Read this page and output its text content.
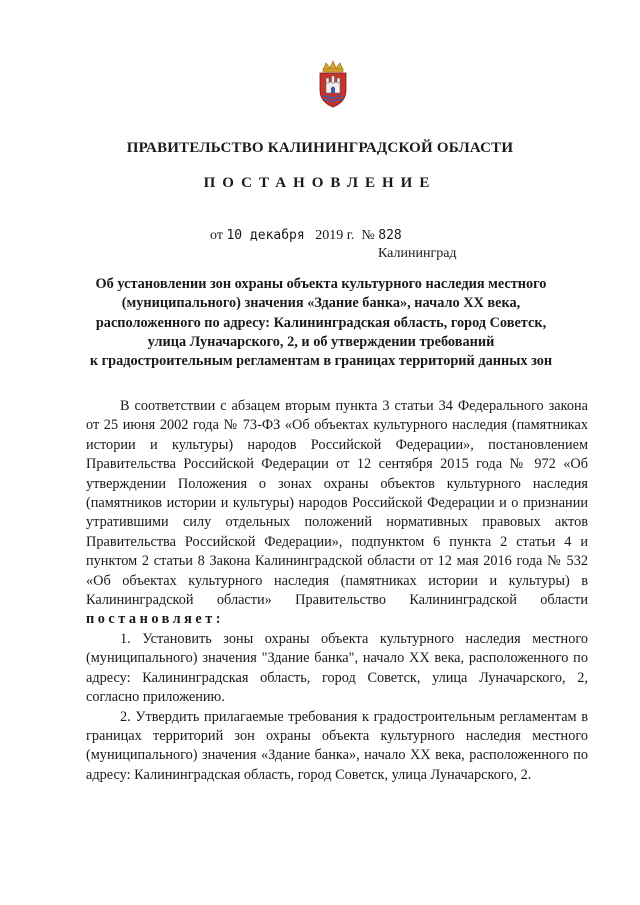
ПРАВИТЕЛЬСТВО КАЛИНИНГРАДСКОЙ ОБЛАСТИ
ПОСТАНОВЛЕНИЕ
от 10 декабря 2019 г. № 828
Калининград
Об установлении зон охраны объекта культурного наследия местного
(муниципального) значения «Здание банка», начало XX века,
расположенного по адресу: Калининградская область, город Советск,
улица Луначарского, 2, и об утверждении требований
к градостроительным регламентам в границах территорий данных зон

В соответствии с абзацем вторым пункта 3 статьи 34 Федерального закона от 25 июня 2002 года № 73-ФЗ «Об объектах культурного наследия (памятниках истории и культуры) народов Российской Федерации», постановлением Правительства Российской Федерации от 12 сентября 2015 года № 972 «Об утверждении Положения о зонах охраны объектов культурного наследия (памятников истории и культуры) народов Российской Федерации и о признании утратившими силу отдельных положений нормативных правовых актов Правительства Российской Федерации», подпунктом 6 пункта 2 статьи 4 и пунктом 2 статьи 8 Закона Калининградской области от 12 мая 2016 года № 532 «Об объектах культурного наследия (памятниках истории и культуры) в Калининградской области» Правительство Калининградской области постановляет:

1. Установить зоны охраны объекта культурного наследия местного (муниципального) значения "Здание банка", начало XX века, расположенного по адресу: Калининградская область, город Советск, улица Луначарского, 2, согласно приложению.

2. Утвердить прилагаемые требования к градостроительным регламентам в границах территорий зон охраны объекта культурного наследия местного (муниципального) значения «Здание банка», начало XX века, расположенного по адресу: Калининградская область, город Советск, улица Луначарского, 2.
